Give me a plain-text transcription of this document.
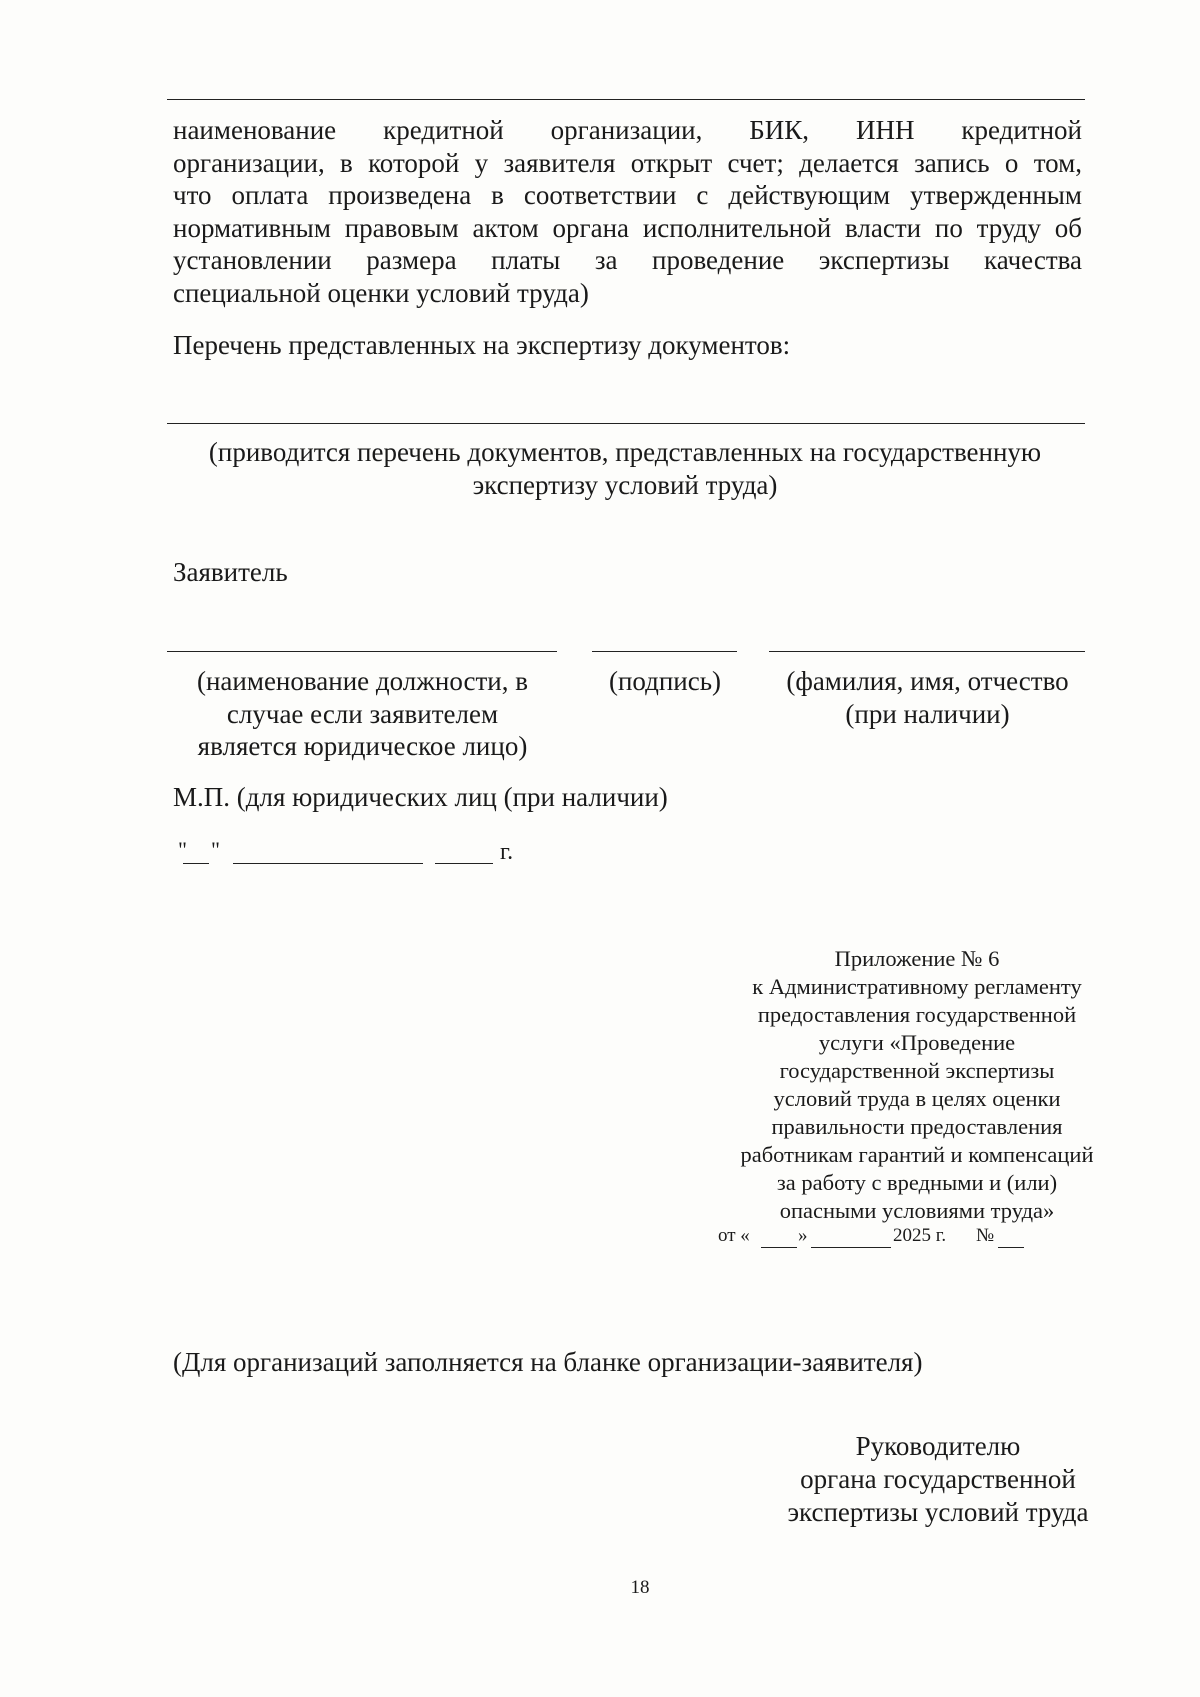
наименование кредитной организации, БИК, ИНН кредитной
организации, в которой у заявителя открыт счет; делается запись о том,
что оплата произведена в соответствии с действующим утвержденным
нормативным правовым актом органа исполнительной власти по труду об
установлении размера платы за проведение экспертизы качества
специальной оценки условий труда)
Перечень представленных на экспертизу документов:
(приводится перечень документов, представленных на государственную
экспертизу условий труда)
Заявитель
(наименование должности, в
случае если заявителем
является юридическое лицо)
(подпись)	(фамилия, имя, отчество
(при наличии)
М.П. (для юридических лиц (при наличии)
" "	г.
Приложение № 6
к Административному регламенту
предоставления государственной
услуги «Проведение
государственной экспертизы
условий труда в целях оценки
правильности предоставления
работникам гарантий и компенсаций
за работу с вредными и (или)
опасными условиями труда»
от «	»	2025 г. №
(Для организаций заполняется на бланке организации-заявителя)
Руководителю
органа государственной
экспертизы условий труда
18
